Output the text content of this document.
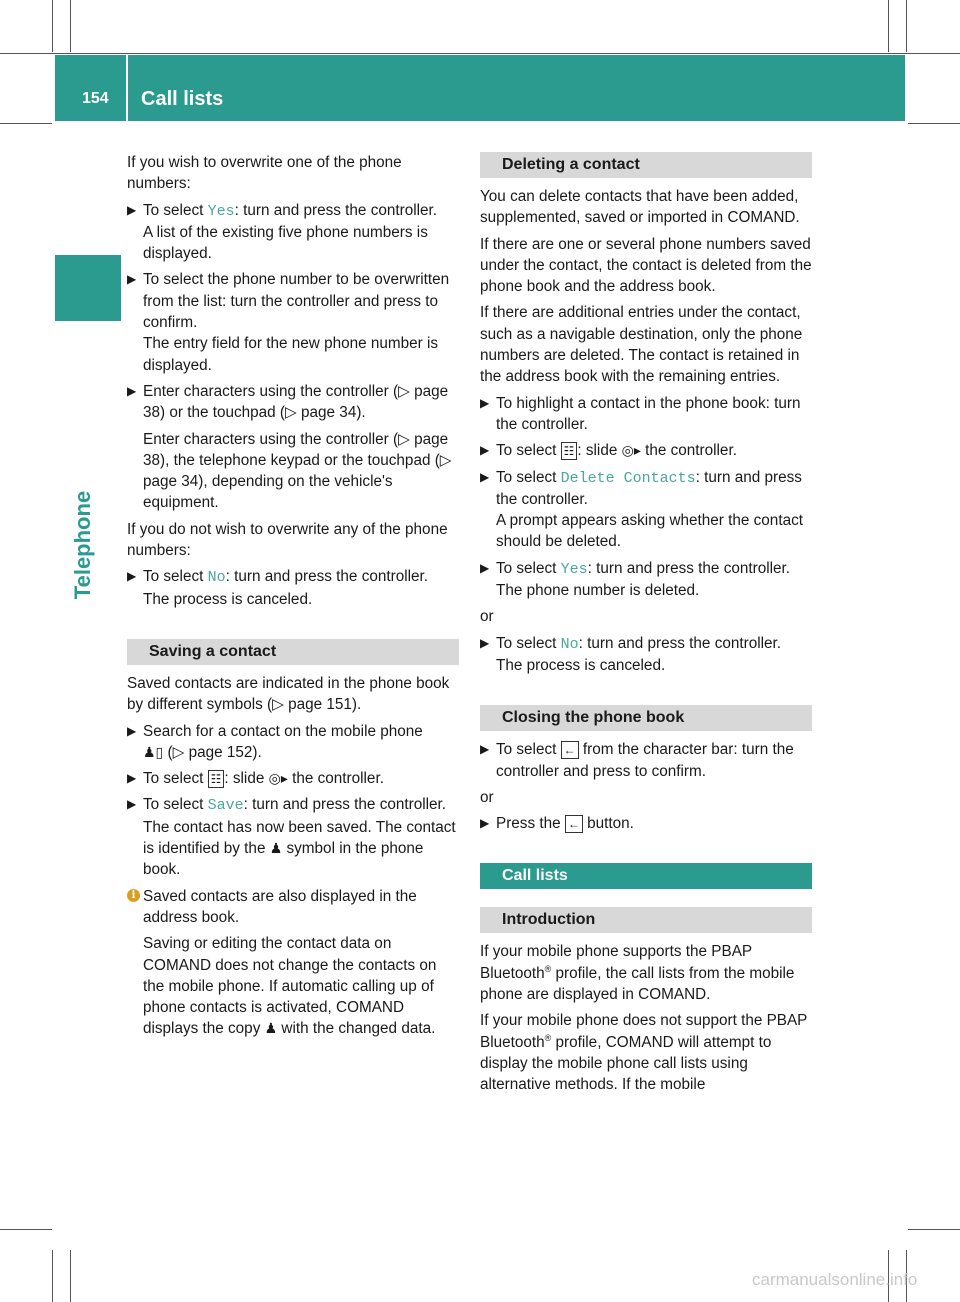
154	Call lists
Telephone

If you wish to overwrite one of the phone numbers:

▶ To select Yes: turn and press the controller.

A list of the existing five phone numbers is displayed.

▶ To select the phone number to be overwritten from the list: turn the controller and press to confirm.

The entry field for the new phone number is displayed.

▶ Enter characters using the controller (▷ page 38) or the touchpad (▷ page 34).

Enter characters using the controller (▷ page 38), the telephone keypad or the touchpad (▷ page 34), depending on the vehicle's equipment.

If you do not wish to overwrite any of the phone numbers:

▶ To select No: turn and press the controller.

The process is canceled.

Saving a contact

Saved contacts are indicated in the phone book by different symbols (▷ page 151).

▶ Search for a contact on the mobile phone

♟▯ (▷ page 152).

▶ To select ☷ : slide ◎▸ the controller.

▶ To select Save: turn and press the controller.

The contact has now been saved. The contact is identified by the ♟ symbol in the phone book.

i Saved contacts are also displayed in the address book.

Saving or editing the contact data on COMAND does not change the contacts on the mobile phone. If automatic calling up of phone contacts is activated, COMAND displays the copy ♟ with the changed data.

Deleting a contact

You can delete contacts that have been added, supplemented, saved or imported in COMAND.

If there are one or several phone numbers saved under the contact, the contact is deleted from the phone book and the address book.

If there are additional entries under the contact, such as a navigable destination, only the phone numbers are deleted. The contact is retained in the address book with the remaining entries.

▶ To highlight a contact in the phone book: turn the controller.

▶ To select ☷ : slide ◎▸ the controller.

▶ To select Delete Contacts: turn and press the controller.

A prompt appears asking whether the contact should be deleted.

▶ To select Yes: turn and press the controller.

The phone number is deleted.

or

▶ To select No: turn and press the controller.

The process is canceled.

Closing the phone book
▶ To select ← from the character bar: turn the controller and press to confirm.

or

▶ Press the ← button.

Call lists
Introduction

If your mobile phone supports the PBAP Bluetooth® profile, the call lists from the mobile phone are displayed in COMAND.

If your mobile phone does not support the PBAP Bluetooth® profile, COMAND will attempt to display the mobile phone call lists using alternative methods. If the mobile

carmanualsonline.info
